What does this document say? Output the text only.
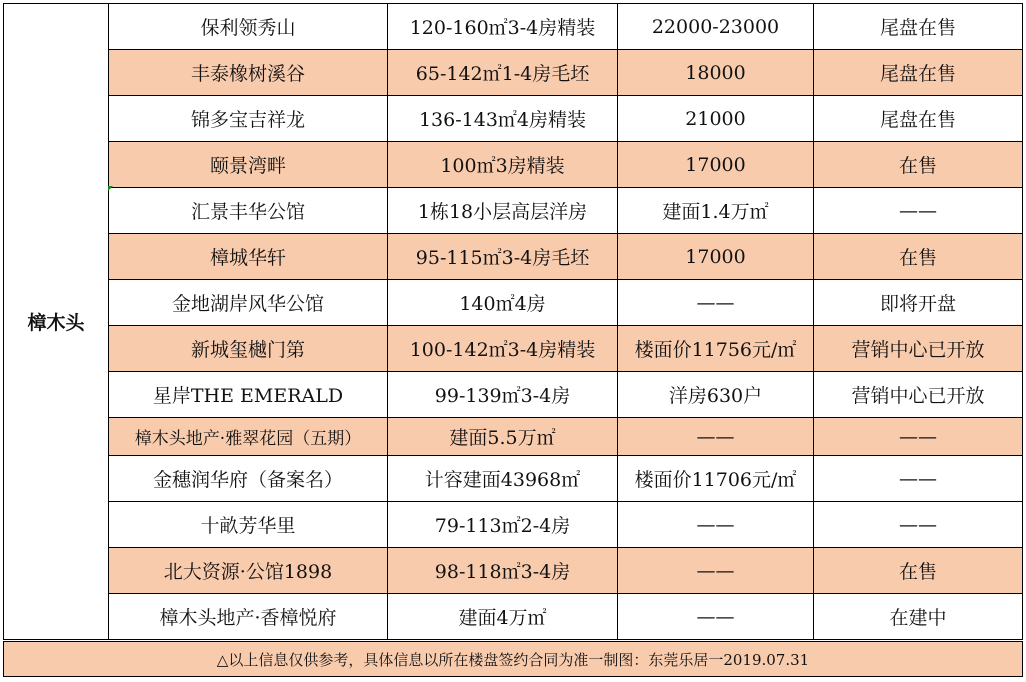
樟木头	保利领秀山	120-160㎡3-4房精装	22000-23000	尾盘在售
	丰泰橡树溪谷	65-142㎡1-4房毛坯	18000	尾盘在售
	锦多宝吉祥龙	136-143㎡4房精装	21000	尾盘在售
	颐景湾畔	100㎡3房精装	17000	在售
	汇景丰华公馆	1栋18小层高层洋房	建面1.4万㎡	——
	樟城华轩	95-115㎡3-4房毛坯	17000	在售
	金地湖岸风华公馆	140㎡4房	——	即将开盘
	新城玺樾门第	100-142㎡3-4房精装	楼面价11756元/㎡	营销中心已开放
	星岸THE EMERALD	99-139㎡3-4房	洋房630户	营销中心已开放
	樟木头地产·雅翠花园（五期）	建面5.5万㎡	——	——
	金穗润华府（备案名）	计容建面43968㎡	楼面价11706元/㎡	——
	十畝芳华里	79-113㎡2-4房	——	——
	北大资源·公馆1898	98-118㎡3-4房	——	在售
	樟木头地产·香樟悦府	建面4万㎡	——	在建中
△以上信息仅供参考，具体信息以所在楼盘签约合同为准一制图：东莞乐居一2019.07.31
